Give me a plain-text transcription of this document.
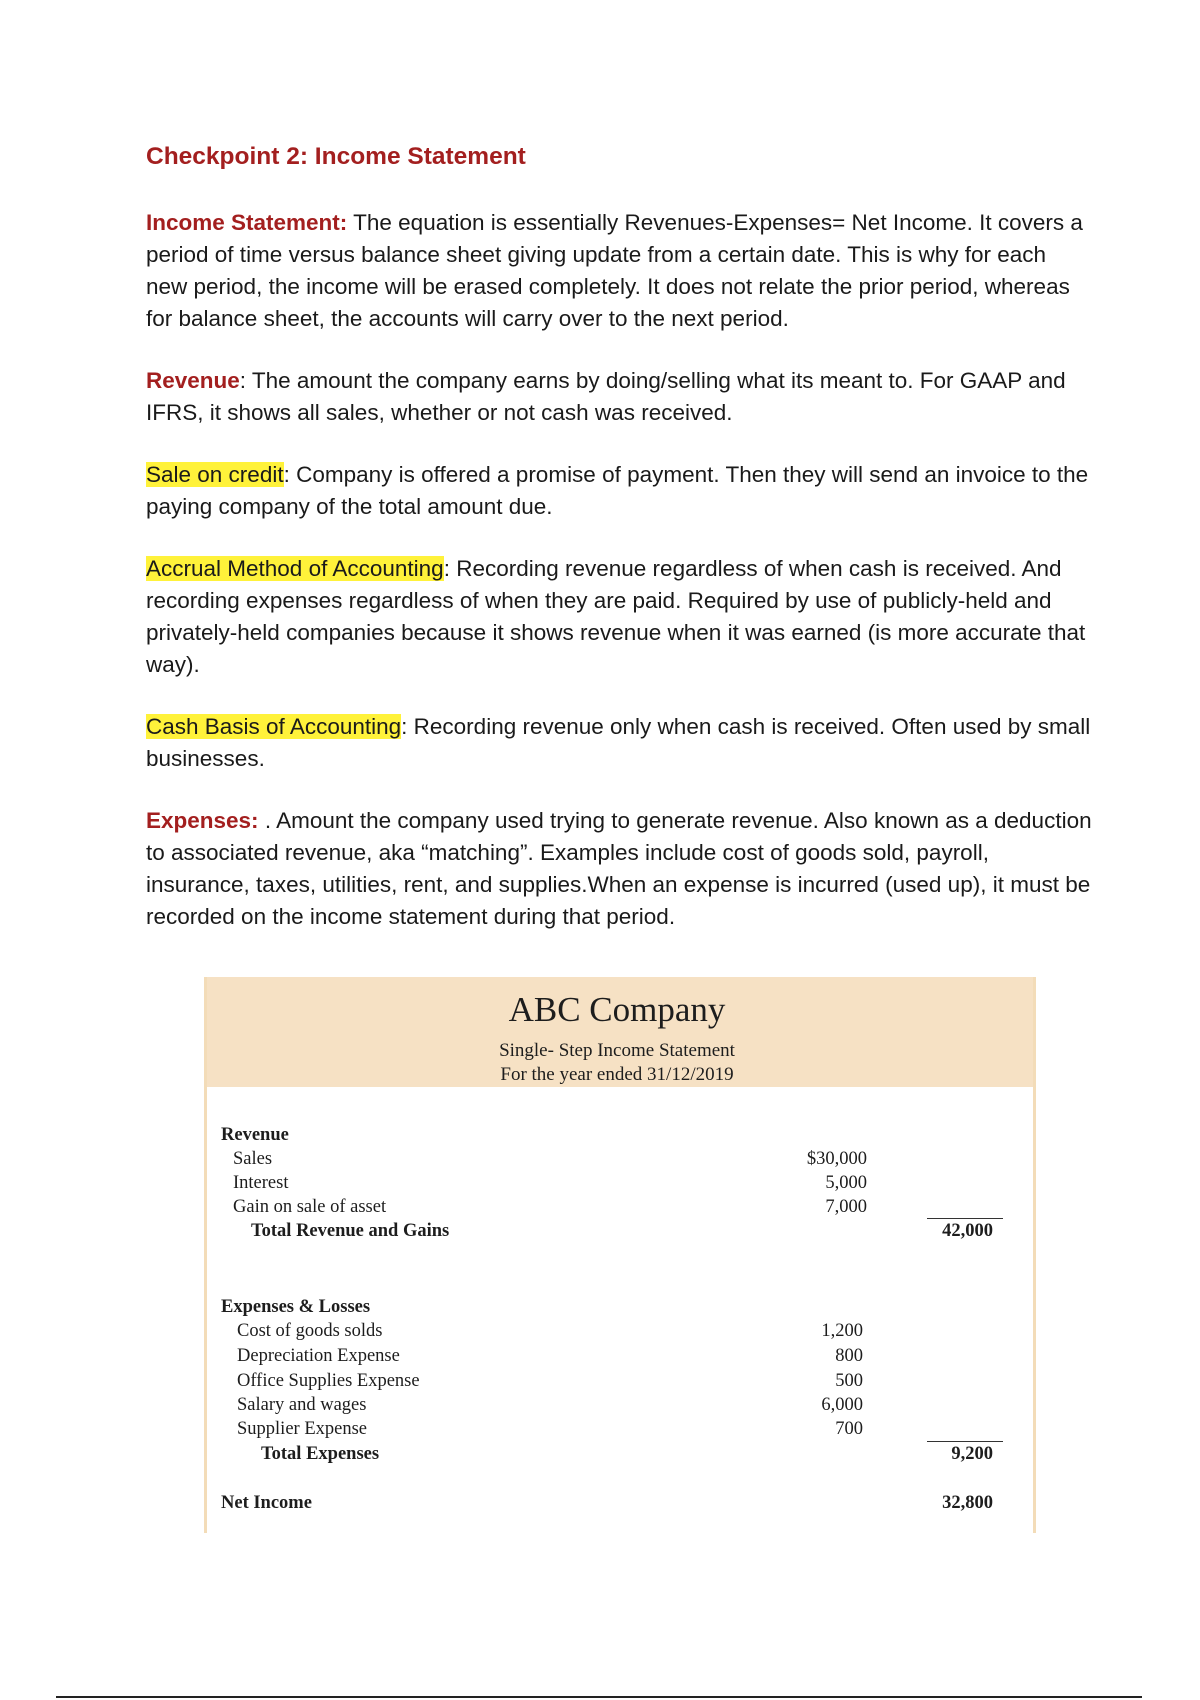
Checkpoint 2: Income Statement

Income Statement: The equation is essentially Revenues-Expenses= Net Income. It covers a period of time versus balance sheet giving update from a certain date. This is why for each new period, the income will be erased completely. It does not relate the prior period, whereas for balance sheet, the accounts will carry over to the next period.

Revenue: The amount the company earns by doing/selling what its meant to. For GAAP and IFRS, it shows all sales, whether or not cash was received.

Sale on credit: Company is offered a promise of payment. Then they will send an invoice to the paying company of the total amount due.

Accrual Method of Accounting: Recording revenue regardless of when cash is received. And recording expenses regardless of when they are paid. Required by use of publicly-held and privately-held companies because it shows revenue when it was earned (is more accurate that way).

Cash Basis of Accounting: Recording revenue only when cash is received. Often used by small businesses.

Expenses: . Amount the company used trying to generate revenue. Also known as a deduction to associated revenue, aka “matching”. Examples include cost of goods sold, payroll, insurance, taxes, utilities, rent, and supplies.When an expense is incurred (used up), it must be recorded on the income statement during that period.

ABC Company
Single- Step Income Statement
For the year ended 31/12/2019
Revenue
Sales	$30,000
Interest	5,000
Gain on sale of asset	7,000
Total Revenue and Gains	42,000
Expenses & Losses
Cost of goods solds	1,200
Depreciation Expense	800
Office Supplies Expense	500
Salary and wages	6,000
Supplier Expense	700
Total Expenses	9,200
Net Income	32,800
